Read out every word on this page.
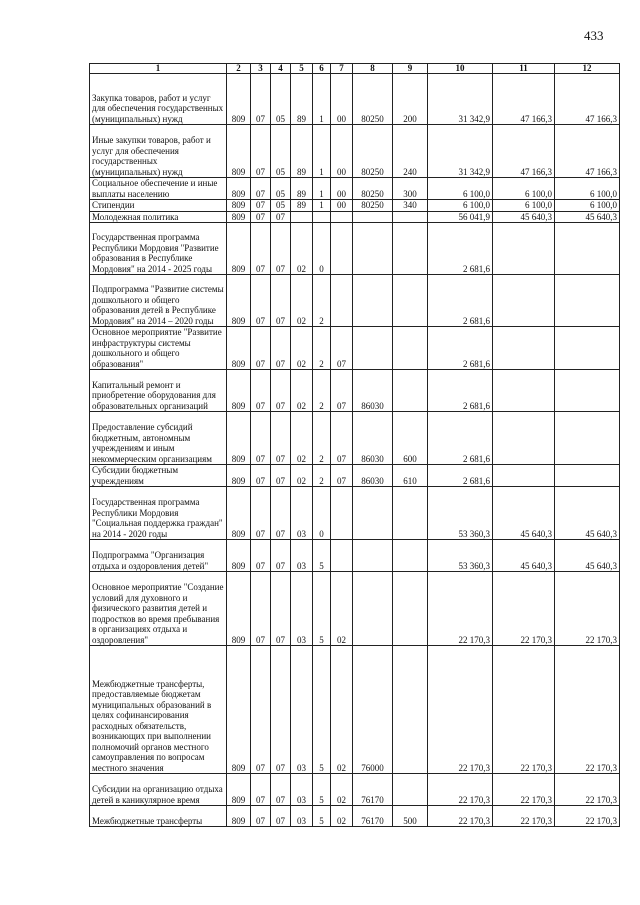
433
1	2	3	4	5	6	7	8	9	10	11	12
Закупка товаров, работ и услуг для обеспечения государственных (муниципальных) нужд	809	07	05	89	1	00	80250	200	31 342,9	47 166,3	47 166,3
Иные закупки товаров, работ и услуг для обеспечения государственных (муниципальных) нужд	809	07	05	89	1	00	80250	240	31 342,9	47 166,3	47 166,3
Социальное обеспечение и иные выплаты населению	809	07	05	89	1	00	80250	300	6 100,0	6 100,0	6 100,0
Стипендии	809	07	05	89	1	00	80250	340	6 100,0	6 100,0	6 100,0
Молодежная политика	809	07	07						56 041,9	45 640,3	45 640,3
Государственная программа Республики Мордовия "Развитие образования в Республике Мордовия" на 2014 - 2025 годы	809	07	07	02	0				2 681,6		
Подпрограмма "Развитие системы дошкольного и общего образования детей в Республике Мордовия" на 2014 – 2020 годы	809	07	07	02	2				2 681,6		
Основное мероприятие "Развитие инфраструктуры системы дошкольного и общего образования"	809	07	07	02	2	07			2 681,6		
Капитальный ремонт и приобретение оборудования для образовательных организаций	809	07	07	02	2	07	86030		2 681,6		
Предоставление субсидий бюджетным, автономным учреждениям и иным некоммерческим организациям	809	07	07	02	2	07	86030	600	2 681,6		
Субсидии бюджетным учреждениям	809	07	07	02	2	07	86030	610	2 681,6		
Государственная программа Республики Мордовия "Социальная поддержка граждан" на 2014 - 2020 годы	809	07	07	03	0				53 360,3	45 640,3	45 640,3
Подпрограмма "Организация отдыха и оздоровления детей"	809	07	07	03	5				53 360,3	45 640,3	45 640,3
Основное мероприятие "Создание условий для духовного и физического развития детей и подростков во время пребывания в организациях отдыха и оздоровления"	809	07	07	03	5	02			22 170,3	22 170,3	22 170,3
Межбюджетные трансферты, предоставляемые бюджетам муниципальных образований в целях софинансирования расходных обязательств, возникающих при выполнении полномочий органов местного самоуправления по вопросам местного значения	809	07	07	03	5	02	76000		22 170,3	22 170,3	22 170,3
Субсидии на организацию отдыха детей в каникулярное время	809	07	07	03	5	02	76170		22 170,3	22 170,3	22 170,3
Межбюджетные трансферты	809	07	07	03	5	02	76170	500	22 170,3	22 170,3	22 170,3
